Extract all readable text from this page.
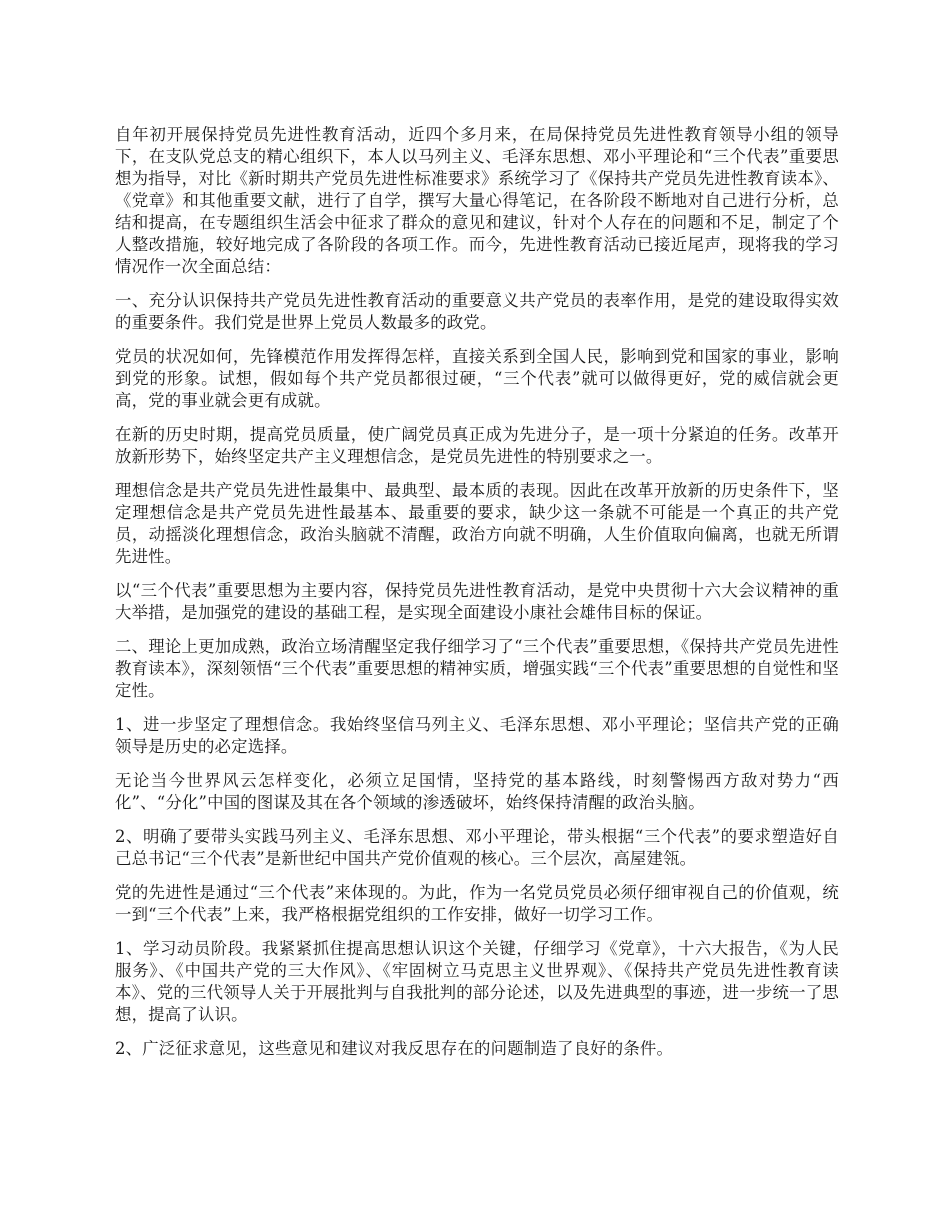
自年初开展保持党员先进性教育活动，近四个多月来，在局保持党员先进性教育领导小组的领导下，在支队党总支的精心组织下，本人以马列主义、毛泽东思想、邓小平理论和“三个代表”重要思想为指导，对比《新时期共产党员先进性标准要求》系统学习了《保持共产党员先进性教育读本》、《党章》和其他重要文献，进行了自学，撰写大量心得笔记，在各阶段不断地对自己进行分析，总结和提高，在专题组织生活会中征求了群众的意见和建议，针对个人存在的问题和不足，制定了个人整改措施，较好地完成了各阶段的各项工作。而今，先进性教育活动已接近尾声，现将我的学习情况作一次全面总结：

一、充分认识保持共产党员先进性教育活动的重要意义共产党员的表率作用，是党的建设取得实效的重要条件。我们党是世界上党员人数最多的政党。

党员的状况如何，先锋模范作用发挥得怎样，直接关系到全国人民，影响到党和国家的事业，影响到党的形象。试想，假如每个共产党员都很过硬，“三个代表”就可以做得更好，党的威信就会更高，党的事业就会更有成就。

在新的历史时期，提高党员质量，使广阔党员真正成为先进分子，是一项十分紧迫的任务。改革开放新形势下，始终坚定共产主义理想信念，是党员先进性的特别要求之一。

理想信念是共产党员先进性最集中、最典型、最本质的表现。因此在改革开放新的历史条件下，坚定理想信念是共产党员先进性最基本、最重要的要求，缺少这一条就不可能是一个真正的共产党员，动摇淡化理想信念，政治头脑就不清醒，政治方向就不明确，人生价值取向偏离，也就无所谓先进性。

以“三个代表”重要思想为主要内容，保持党员先进性教育活动，是党中央贯彻十六大会议精神的重大举措，是加强党的建设的基础工程，是实现全面建设小康社会雄伟目标的保证。

二、理论上更加成熟，政治立场清醒坚定我仔细学习了“三个代表”重要思想，《保持共产党员先进性教育读本》，深刻领悟“三个代表”重要思想的精神实质，增强实践“三个代表”重要思想的自觉性和坚定性。

1、进一步坚定了理想信念。我始终坚信马列主义、毛泽东思想、邓小平理论；坚信共产党的正确领导是历史的必定选择。

无论当今世界风云怎样变化，必须立足国情，坚持党的基本路线，时刻警惕西方敌对势力“西化”、“分化”中国的图谋及其在各个领域的渗透破坏，始终保持清醒的政治头脑。

2、明确了要带头实践马列主义、毛泽东思想、邓小平理论，带头根据“三个代表”的要求塑造好自己总书记“三个代表”是新世纪中国共产党价值观的核心。三个层次，高屋建瓴。

党的先进性是通过“三个代表”来体现的。为此，作为一名党员党员必须仔细审视自己的价值观，统一到“三个代表”上来，我严格根据党组织的工作安排，做好一切学习工作。

1、学习动员阶段。我紧紧抓住提高思想认识这个关键，仔细学习《党章》，十六大报告，《为人民服务》、《中国共产党的三大作风》、《牢固树立马克思主义世界观》、《保持共产党员先进性教育读本》、党的三代领导人关于开展批判与自我批判的部分论述，以及先进典型的事迹，进一步统一了思想，提高了认识。

2、广泛征求意见，这些意见和建议对我反思存在的问题制造了良好的条件。
